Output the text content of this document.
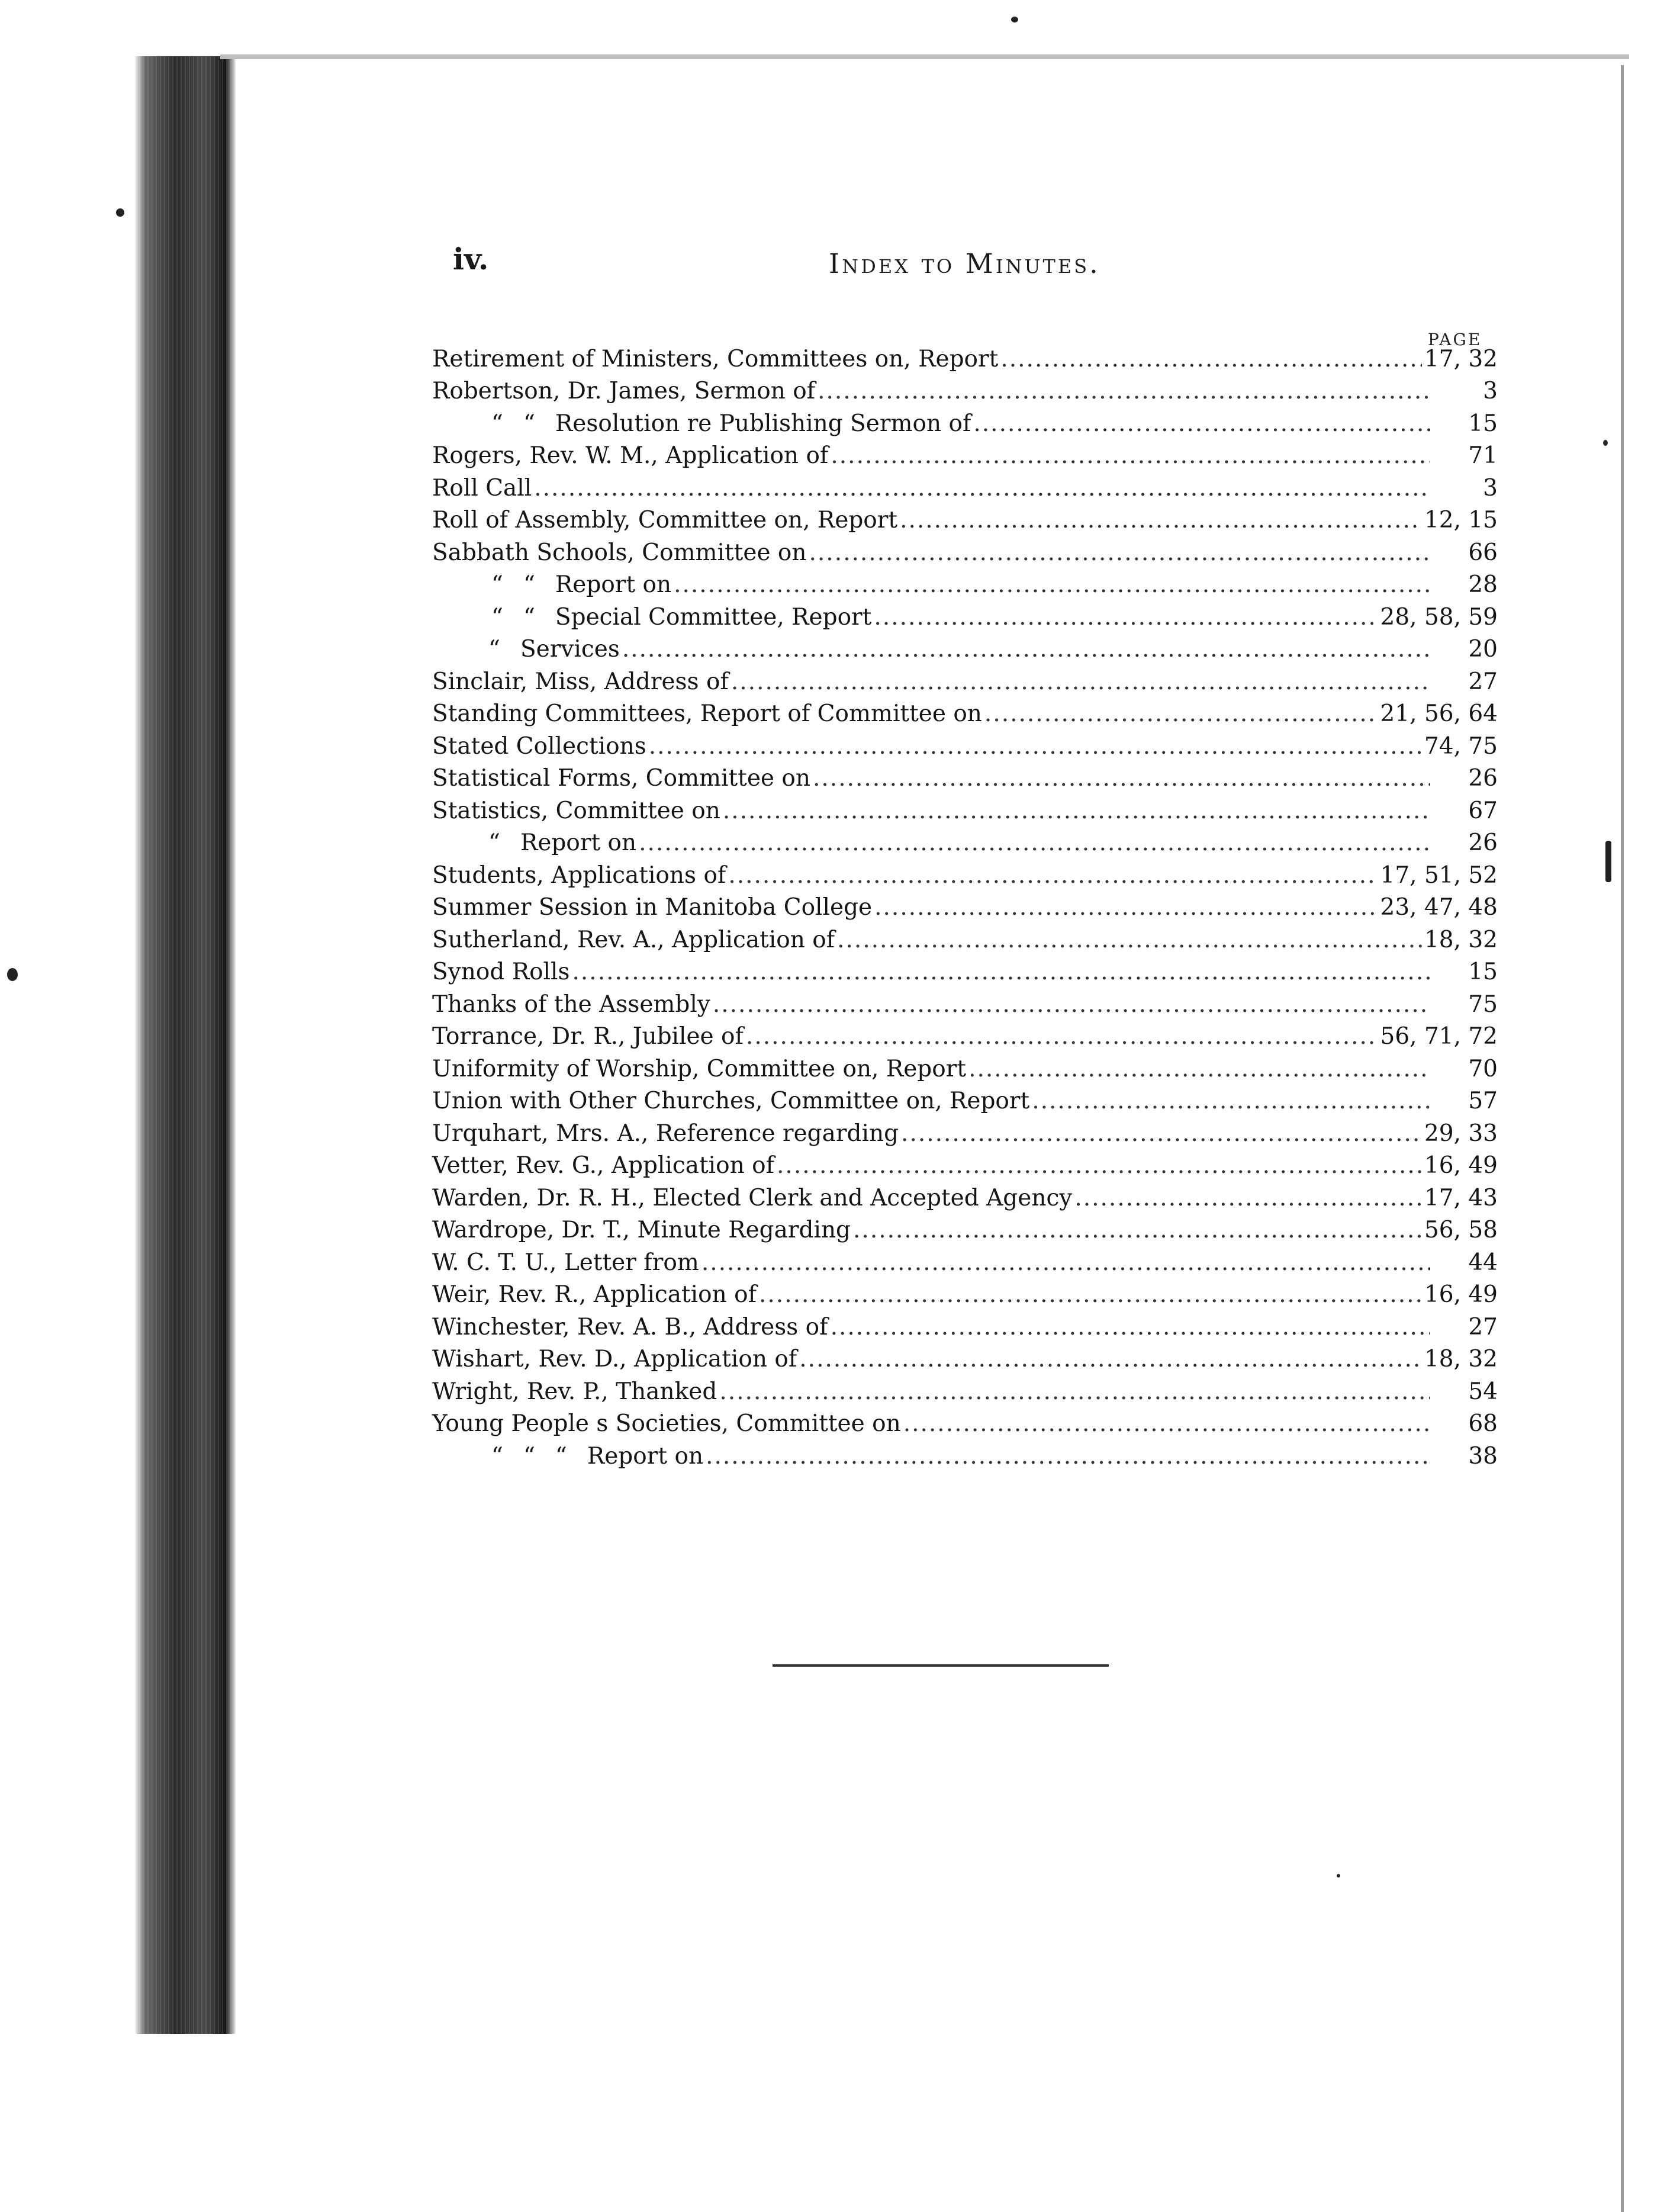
iv.	Index to Minutes.
PAGE
Retirement of Ministers, Committees on, Report .....	17, 32
Robertson, Dr. James, Sermon of .....	3
“ “ Resolution re Publishing Sermon of .....	15
Rogers, Rev. W. M., Application of .....	71
Roll Call .....	3
Roll of Assembly, Committee on, Report .....	12, 15
Sabbath Schools, Committee on .....	66
“ “ Report on .....	28
“ “ Special Committee, Report .....	28, 58, 59
“ Services .....	20
Sinclair, Miss, Address of .....	27
Standing Committees, Report of Committee on .....	21, 56, 64
Stated Collections .....	74, 75
Statistical Forms, Committee on .....	26
Statistics, Committee on .....	67
“ Report on .....	26
Students, Applications of .....	17, 51, 52
Summer Session in Manitoba College .....	23, 47, 48
Sutherland, Rev. A., Application of .....	18, 32
Synod Rolls .....	15
Thanks of the Assembly .....	75
Torrance, Dr. R., Jubilee of .....	56, 71, 72
Uniformity of Worship, Committee on, Report .....	70
Union with Other Churches, Committee on, Report .....	57
Urquhart, Mrs. A., Reference regarding .....	29, 33
Vetter, Rev. G., Application of .....	16, 49
Warden, Dr. R. H., Elected Clerk and Accepted Agency .....	17, 43
Wardrope, Dr. T., Minute Regarding .....	56, 58
W. C. T. U., Letter from .....	44
Weir, Rev. R., Application of .....	16, 49
Winchester, Rev. A. B., Address of .....	27
Wishart, Rev. D., Application of .....	18, 32
Wright, Rev. P., Thanked .....	54
Young People s Societies, Committee on .....	68
“ “ “ Report on .....	38
